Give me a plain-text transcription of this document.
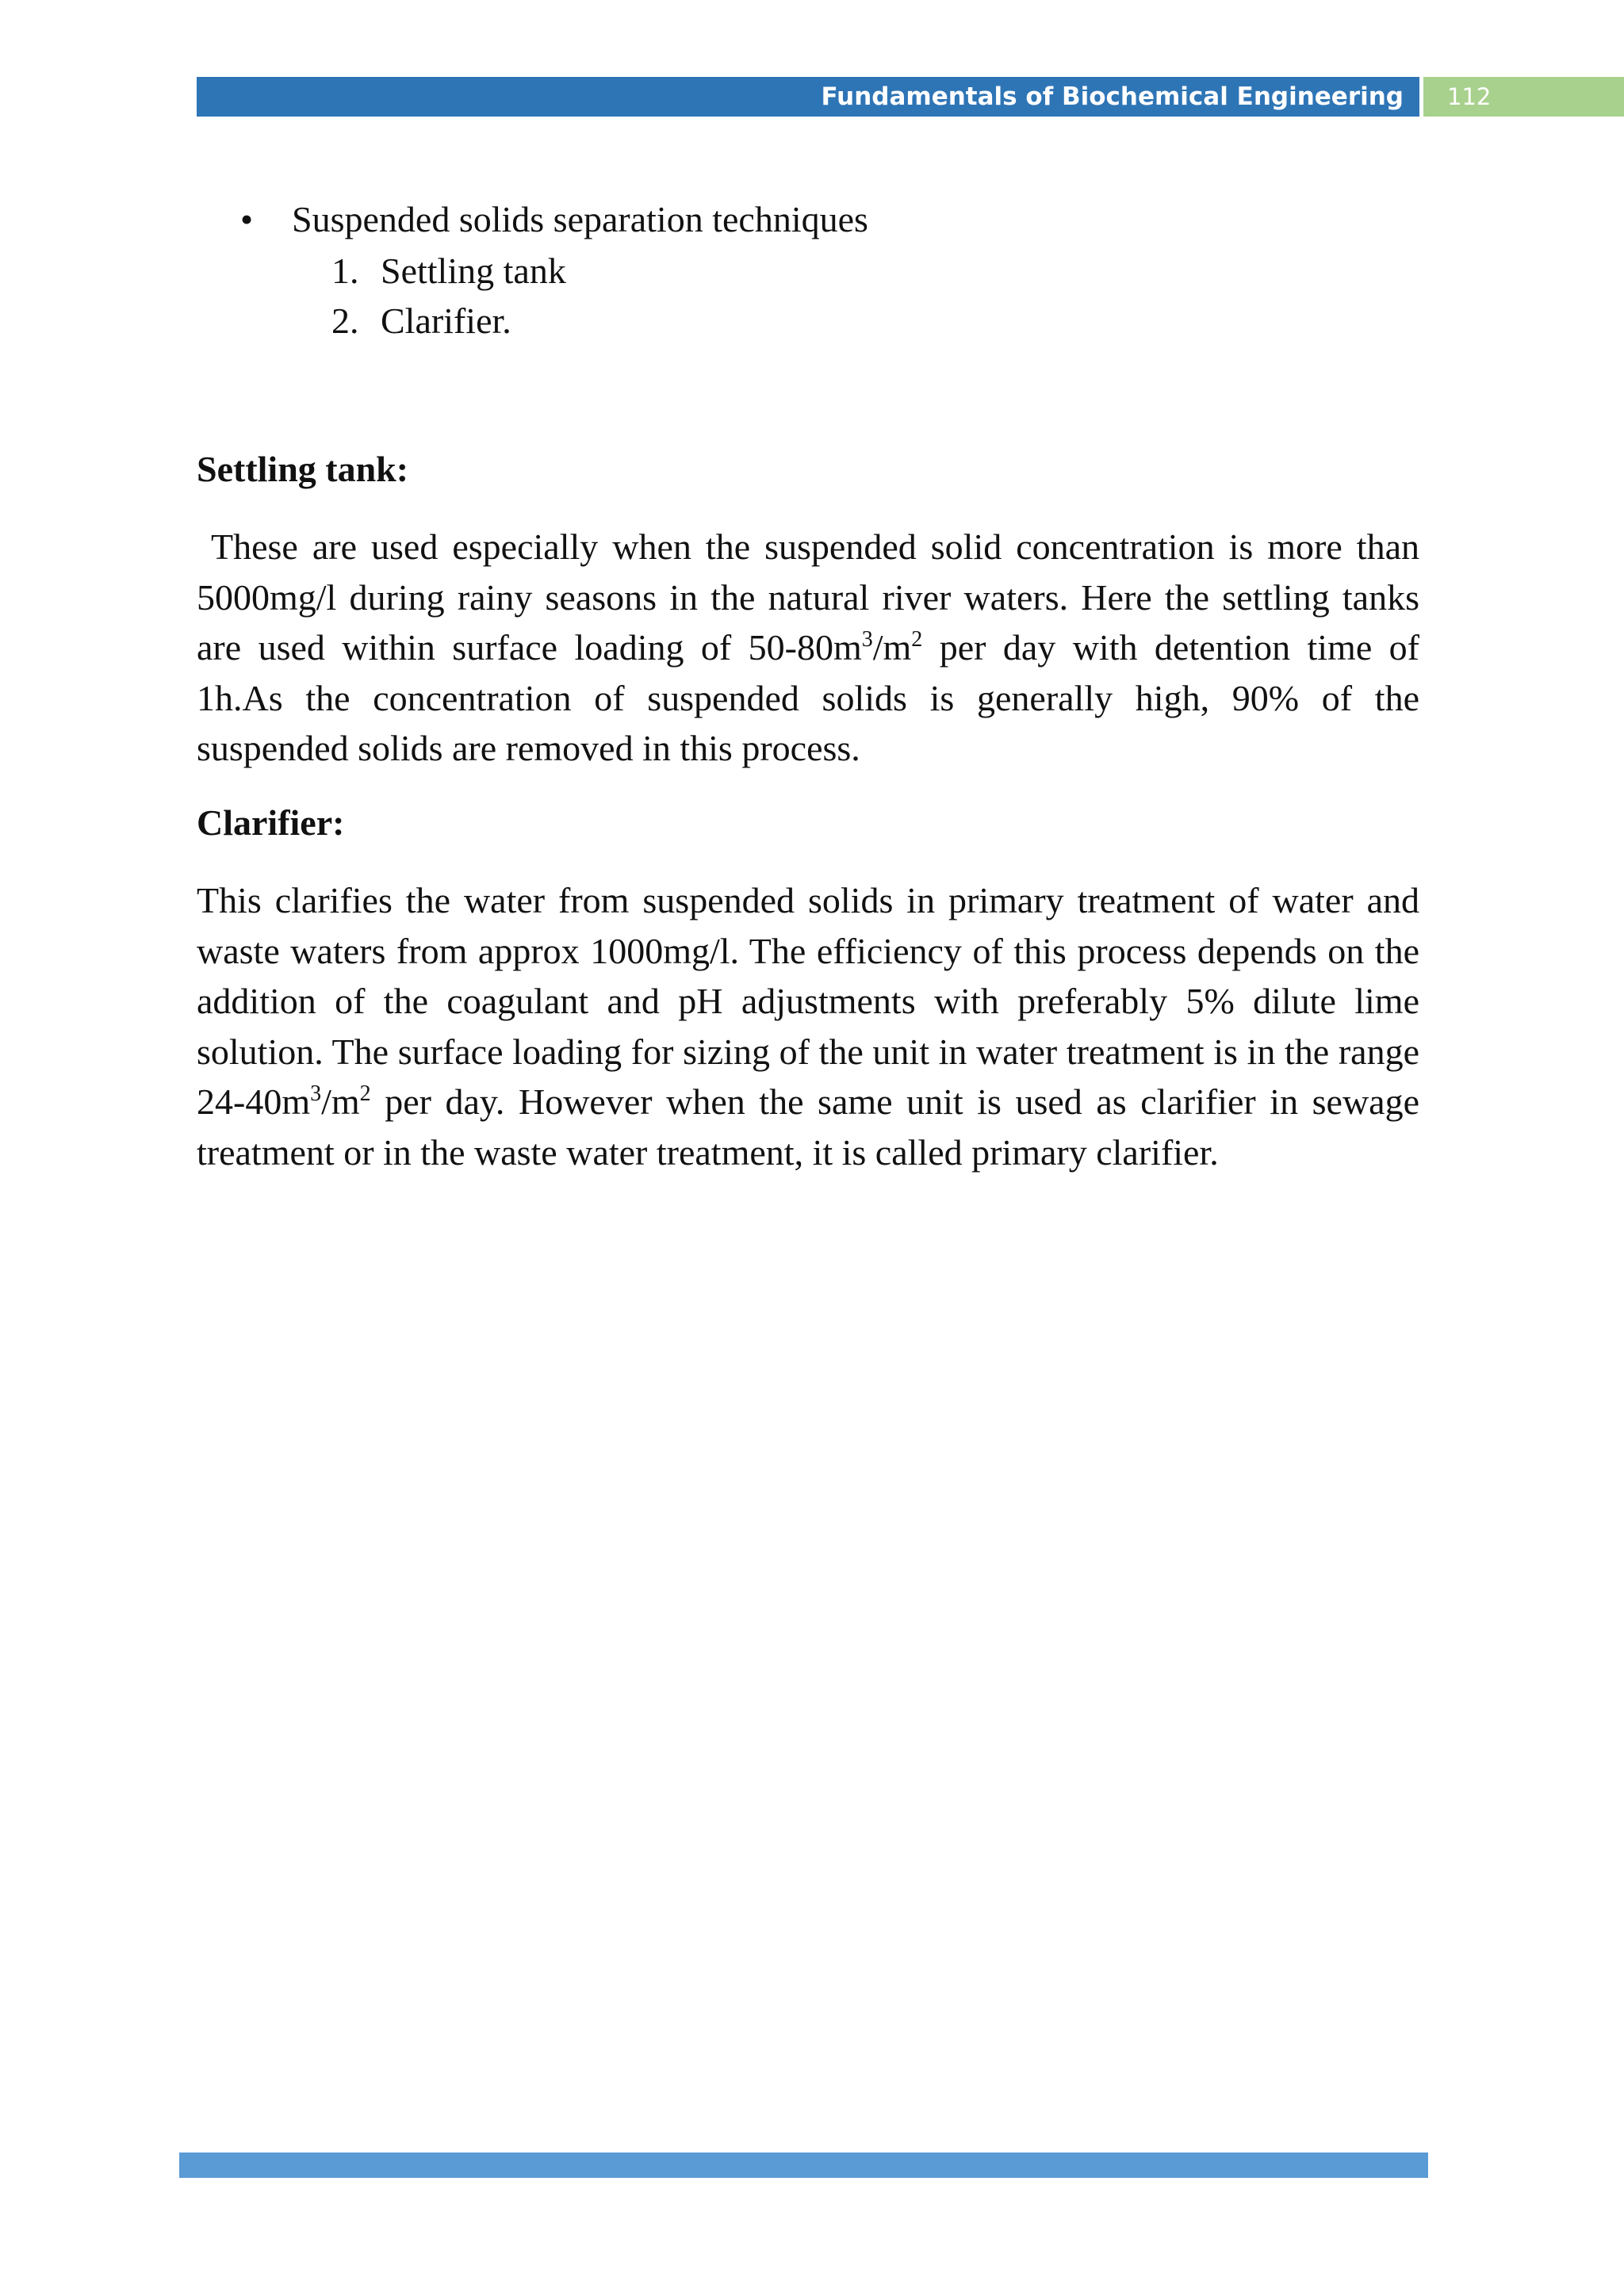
Fundamentals of Biochemical Engineering 112
• Suspended solids separation techniques
1. Settling tank
2. Clarifier.
Settling tank:

These are used especially when the suspended solid concentration is more than 5000mg/l during rainy seasons in the natural river waters. Here the settling tanks are used within surface loading of $50-80m^3/m^2$ per day with detention time of 1h.As the concentration of suspended solids is generally high, 90% of the suspended solids are removed in this process.

Clarifier:

This clarifies the water from suspended solids in primary treatment of water and waste waters from approx 1000mg/l. The efficiency of this process depends on the addition of the coagulant and pH adjustments with preferably 5% dilute lime solution. The surface loading for sizing of the unit in water treatment is in the range $24-40m^3/m^2$ per day. However when the same unit is used as clarifier in sewage treatment or in the waste water treatment, it is called primary clarifier.
